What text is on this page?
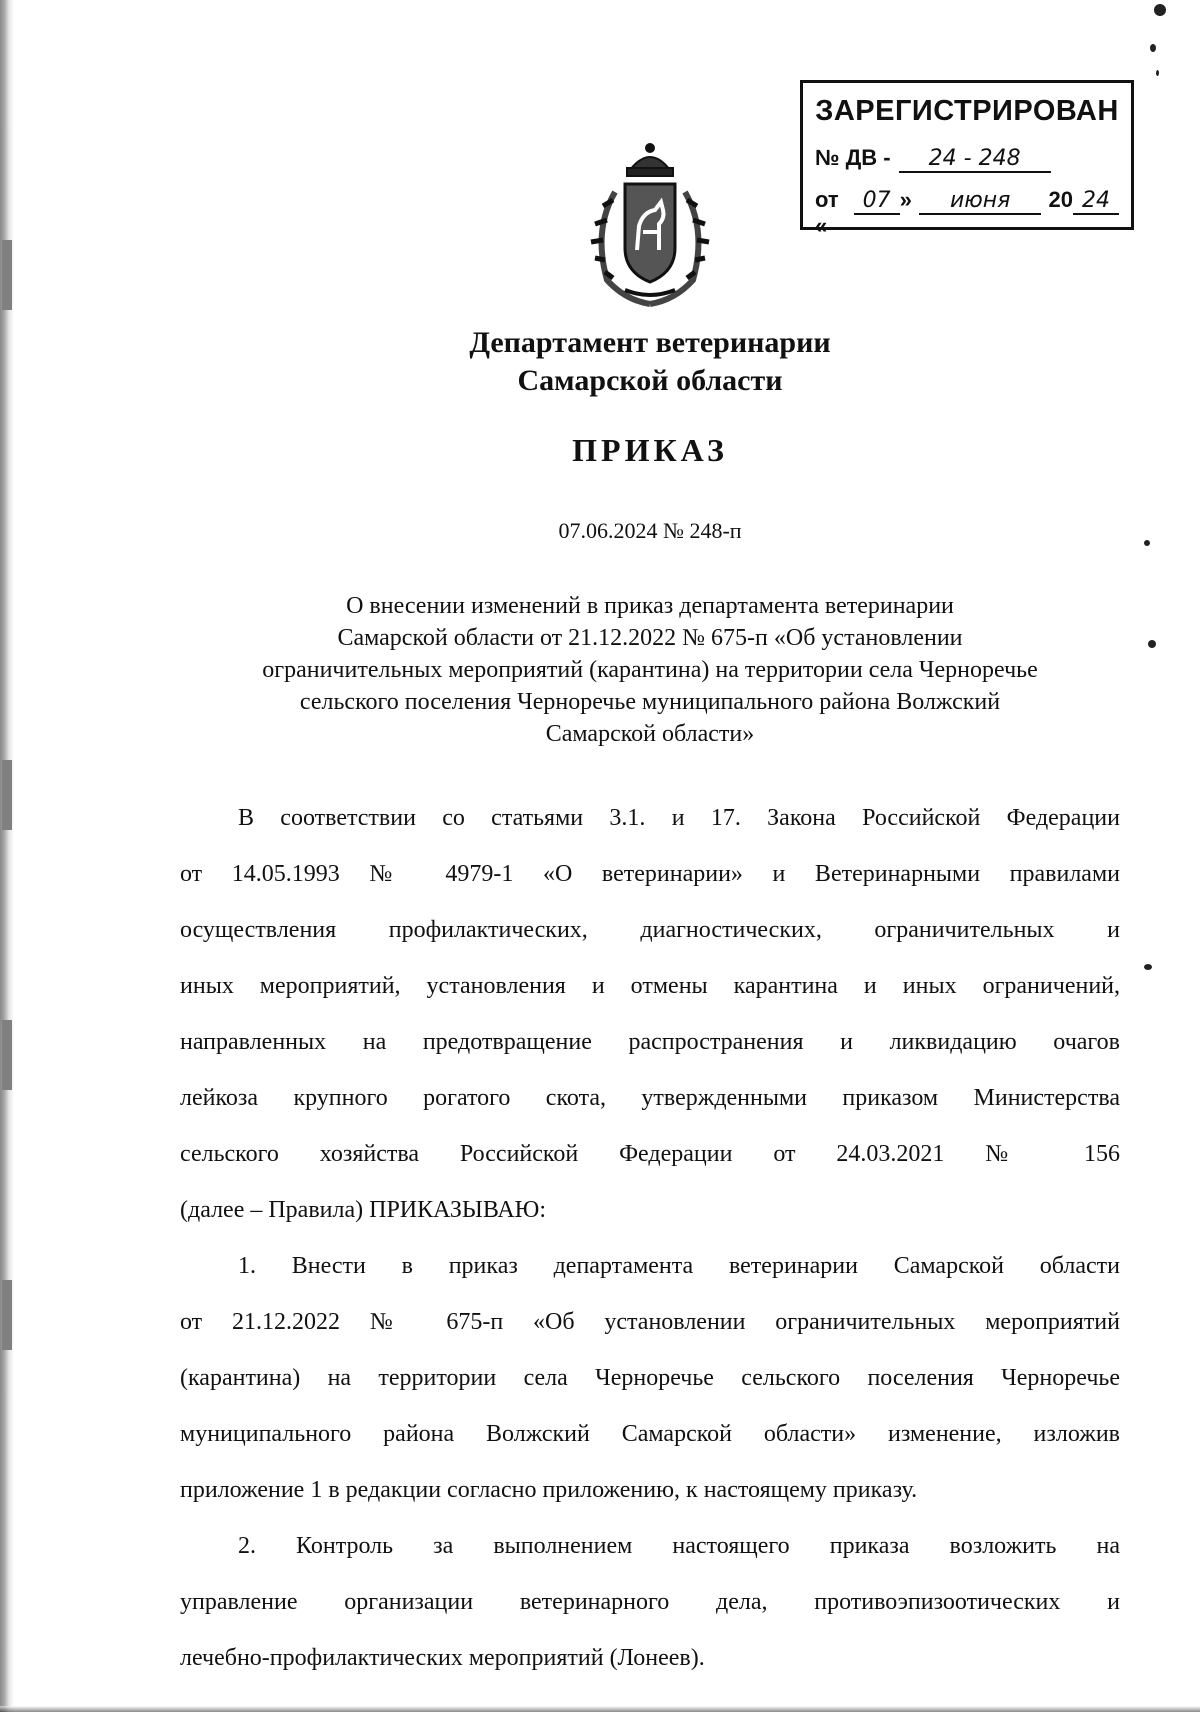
ЗАРЕГИСТРИРОВАН
№ ДВ -	24 - 248
от «
07 »	июня	20 24
Департамент ветеринарии
Самарской области
ПРИКАЗ
07.06.2024 № 248-п
О внесении изменений в приказ департамента ветеринарии
Самарской области от 21.12.2022 № 675-п «Об установлении
ограничительных мероприятий (карантина) на территории села Черноречье
сельского поселения Черноречье муниципального района Волжский
Самарской области»
В соответствии со статьями 3.1. и 17. Закона Российской Федерации
от 14.05.1993 № 4979-1 «О ветеринарии» и Ветеринарными правилами
осуществления профилактических, диагностических, ограничительных и
иных мероприятий, установления и отмены карантина и иных ограничений,
направленных на предотвращение распространения и ликвидацию очагов
лейкоза крупного рогатого скота, утвержденными приказом Министерства
сельского хозяйства Российской Федерации от 24.03.2021 № 156
(далее – Правила) ПРИКАЗЫВАЮ:
1. Внести в приказ департамента ветеринарии Самарской области
от 21.12.2022 № 675-п «Об установлении ограничительных мероприятий
(карантина) на территории села Черноречье сельского поселения Черноречье
муниципального района Волжский Самарской области» изменение, изложив
приложение 1 в редакции согласно приложению, к настоящему приказу.
2. Контроль за выполнением настоящего приказа возложить на
управление организации ветеринарного дела, противоэпизоотических и
лечебно-профилактических мероприятий (Лонеев).
